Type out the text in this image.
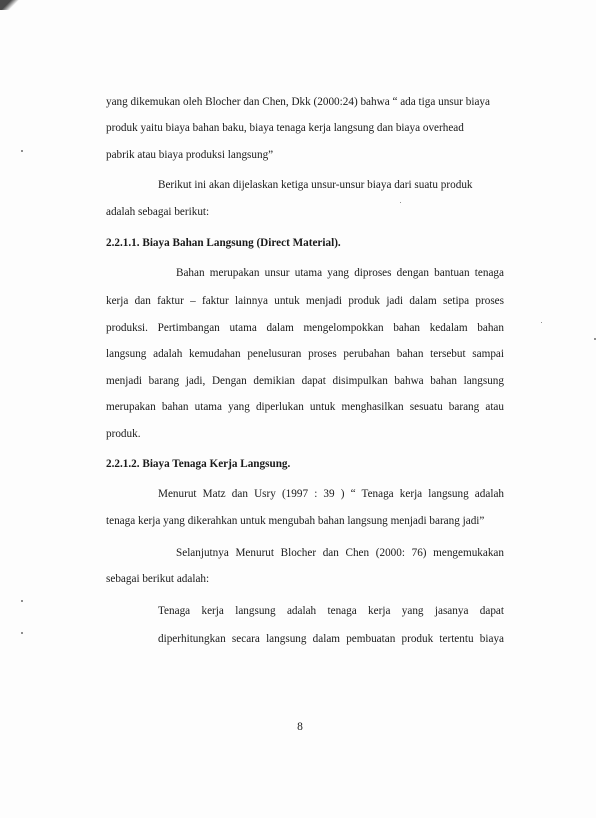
yang dikemukan oleh Blocher dan Chen, Dkk (2000:24) bahwa “ ada tiga unsur biaya
produk yaitu biaya bahan baku, biaya tenaga kerja langsung dan biaya overhead
pabrik atau biaya produksi langsung”
Berikut ini akan dijelaskan ketiga unsur-unsur biaya dari suatu produk
adalah sebagai berikut:
2.2.1.1. Biaya Bahan Langsung (Direct Material).
Bahan merupakan unsur utama yang diproses dengan bantuan tenaga
kerja dan faktur – faktur lainnya untuk menjadi produk jadi dalam setipa proses
produksi. Pertimbangan utama dalam mengelompokkan bahan kedalam bahan
langsung adalah kemudahan penelusuran proses perubahan bahan tersebut sampai
menjadi barang jadi, Dengan demikian dapat disimpulkan bahwa bahan langsung
merupakan bahan utama yang diperlukan untuk menghasilkan sesuatu barang atau
produk.
2.2.1.2. Biaya Tenaga Kerja Langsung.
Menurut Matz dan Usry (1997 : 39 ) “ Tenaga kerja langsung adalah
tenaga kerja yang dikerahkan untuk mengubah bahan langsung menjadi barang jadi”
Selanjutnya Menurut Blocher dan Chen (2000: 76) mengemukakan
sebagai berikut adalah:
Tenaga kerja langsung adalah tenaga kerja yang jasanya dapat
diperhitungkan secara langsung dalam pembuatan produk tertentu biaya
8
